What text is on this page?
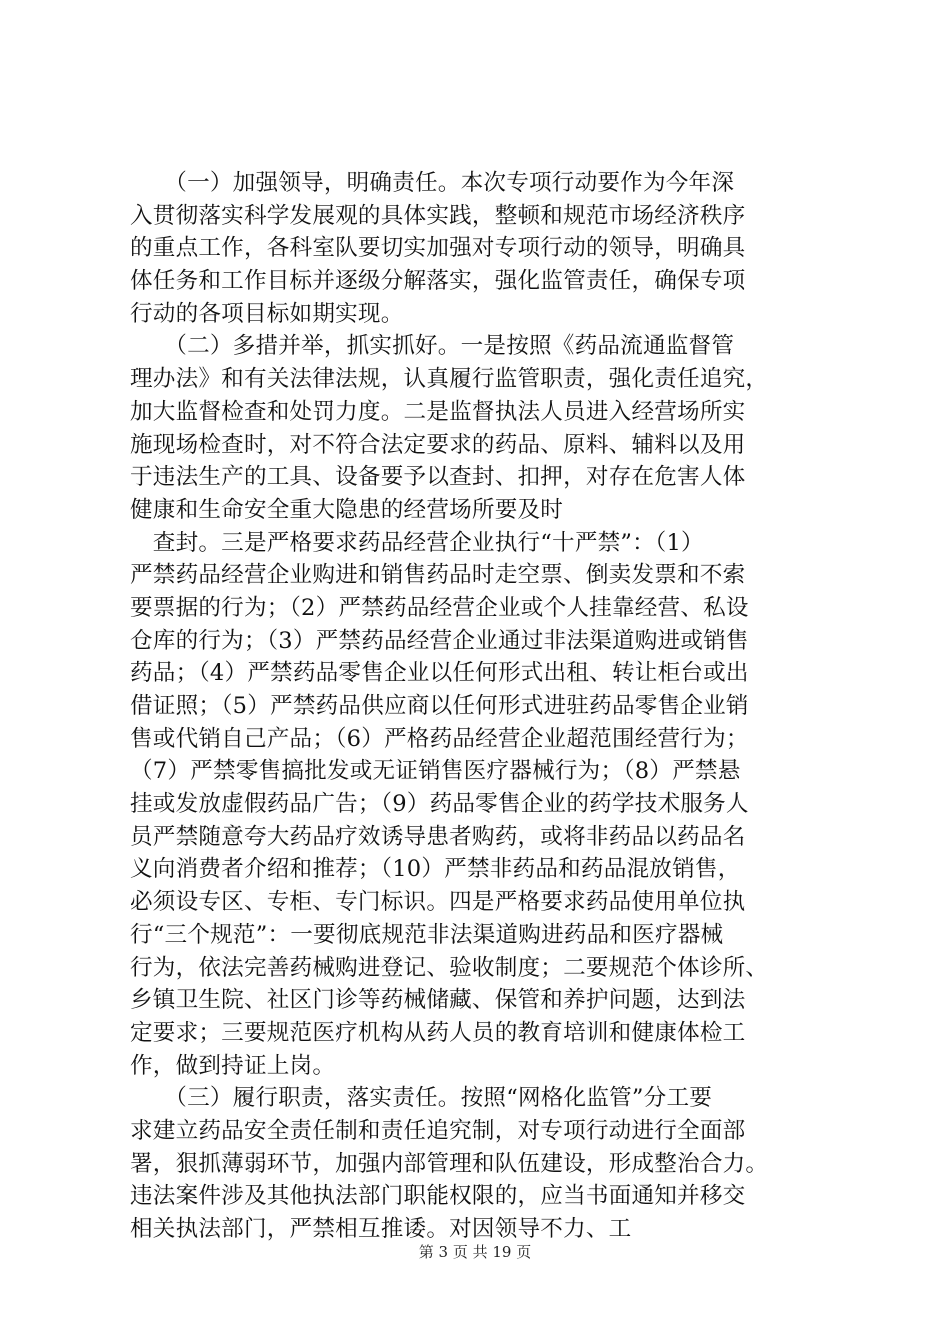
　　（一）加强领导，明确责任。本次专项行动要作为今年深
入贯彻落实科学发展观的具体实践，整顿和规范市场经济秩序
的重点工作，各科室队要切实加强对专项行动的领导，明确具
体任务和工作目标并逐级分解落实，强化监管责任，确保专项
行动的各项目标如期实现。
　　（二）多措并举，抓实抓好。一是按照《药品流通监督管
理办法》和有关法律法规，认真履行监管职责，强化责任追究，
加大监督检查和处罚力度。二是监督执法人员进入经营场所实
施现场检查时，对不符合法定要求的药品、原料、辅料以及用
于违法生产的工具、设备要予以查封、扣押，对存在危害人体
健康和生命安全重大隐患的经营场所要及时
　查封。三是严格要求药品经营企业执行“十严禁”：（1）
严禁药品经营企业购进和销售药品时走空票、倒卖发票和不索
要票据的行为；（2）严禁药品经营企业或个人挂靠经营、私设
仓库的行为；（3）严禁药品经营企业通过非法渠道购进或销售
药品；（4）严禁药品零售企业以任何形式出租、转让柜台或出
借证照；（5）严禁药品供应商以任何形式进驻药品零售企业销
售或代销自己产品；（6）严格药品经营企业超范围经营行为；
（7）严禁零售搞批发或无证销售医疗器械行为；（8）严禁悬
挂或发放虚假药品广告；（9）药品零售企业的药学技术服务人
员严禁随意夸大药品疗效诱导患者购药，或将非药品以药品名
义向消费者介绍和推荐；（10）严禁非药品和药品混放销售，
必须设专区、专柜、专门标识。四是严格要求药品使用单位执
行“三个规范”：一要彻底规范非法渠道购进药品和医疗器械
行为，依法完善药械购进登记、验收制度；二要规范个体诊所、
乡镇卫生院、社区门诊等药械储藏、保管和养护问题，达到法
定要求；三要规范医疗机构从药人员的教育培训和健康体检工
作，做到持证上岗。
　　（三）履行职责，落实责任。按照“网格化监管”分工要
求建立药品安全责任制和责任追究制，对专项行动进行全面部
署，狠抓薄弱环节，加强内部管理和队伍建设，形成整治合力。
违法案件涉及其他执法部门职能权限的，应当书面通知并移交
相关执法部门，严禁相互推诿。对因领导不力、工
第 3 页 共 19 页
